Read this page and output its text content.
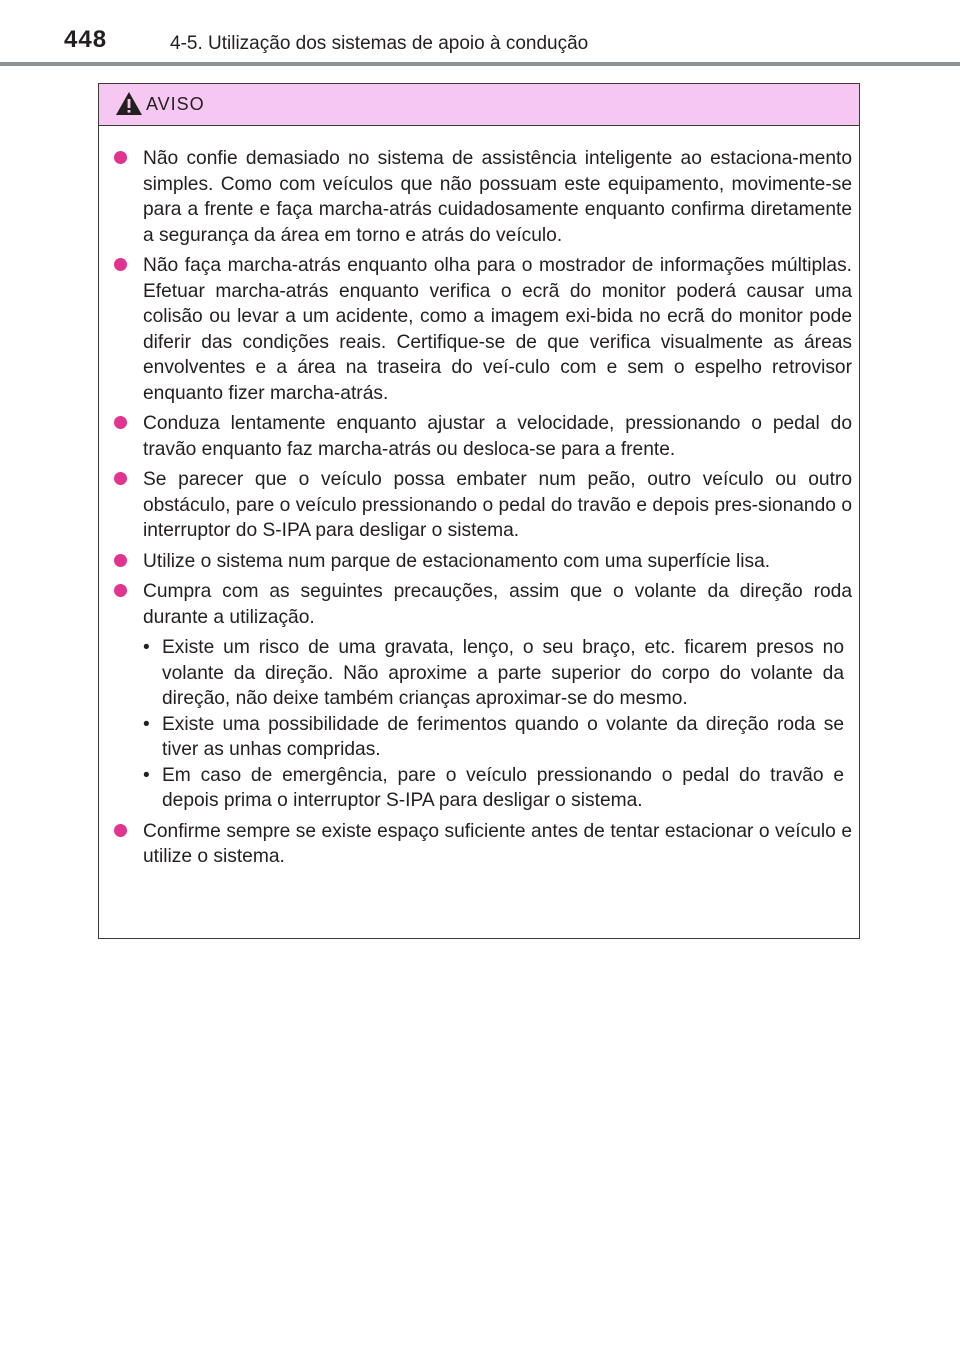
448	4-5. Utilização dos sistemas de apoio à condução
AVISO
Não confie demasiado no sistema de assistência inteligente ao estaciona-mento simples. Como com veículos que não possuam este equipamento, movimente-se para a frente e faça marcha-atrás cuidadosamente enquanto confirma diretamente a segurança da área em torno e atrás do veículo.
Não faça marcha-atrás enquanto olha para o mostrador de informações múltiplas. Efetuar marcha-atrás enquanto verifica o ecrã do monitor poderá causar uma colisão ou levar a um acidente, como a imagem exi-bida no ecrã do monitor pode diferir das condições reais. Certifique-se de que verifica visualmente as áreas envolventes e a área na traseira do veí-culo com e sem o espelho retrovisor enquanto fizer marcha-atrás.
Conduza lentamente enquanto ajustar a velocidade, pressionando o pedal do travão enquanto faz marcha-atrás ou desloca-se para a frente.
Se parecer que o veículo possa embater num peão, outro veículo ou outro obstáculo, pare o veículo pressionando o pedal do travão e depois pres-sionando o interruptor do S-IPA para desligar o sistema.
Utilize o sistema num parque de estacionamento com uma superfície lisa.
Cumpra com as seguintes precauções, assim que o volante da direção roda durante a utilização.
• Existe um risco de uma gravata, lenço, o seu braço, etc. ficarem presos no volante da direção. Não aproxime a parte superior do corpo do volante da direção, não deixe também crianças aproximar-se do mesmo.
• Existe uma possibilidade de ferimentos quando o volante da direção roda se tiver as unhas compridas.
• Em caso de emergência, pare o veículo pressionando o pedal do travão e depois prima o interruptor S-IPA para desligar o sistema.
Confirme sempre se existe espaço suficiente antes de tentar estacionar o veículo e utilize o sistema.
